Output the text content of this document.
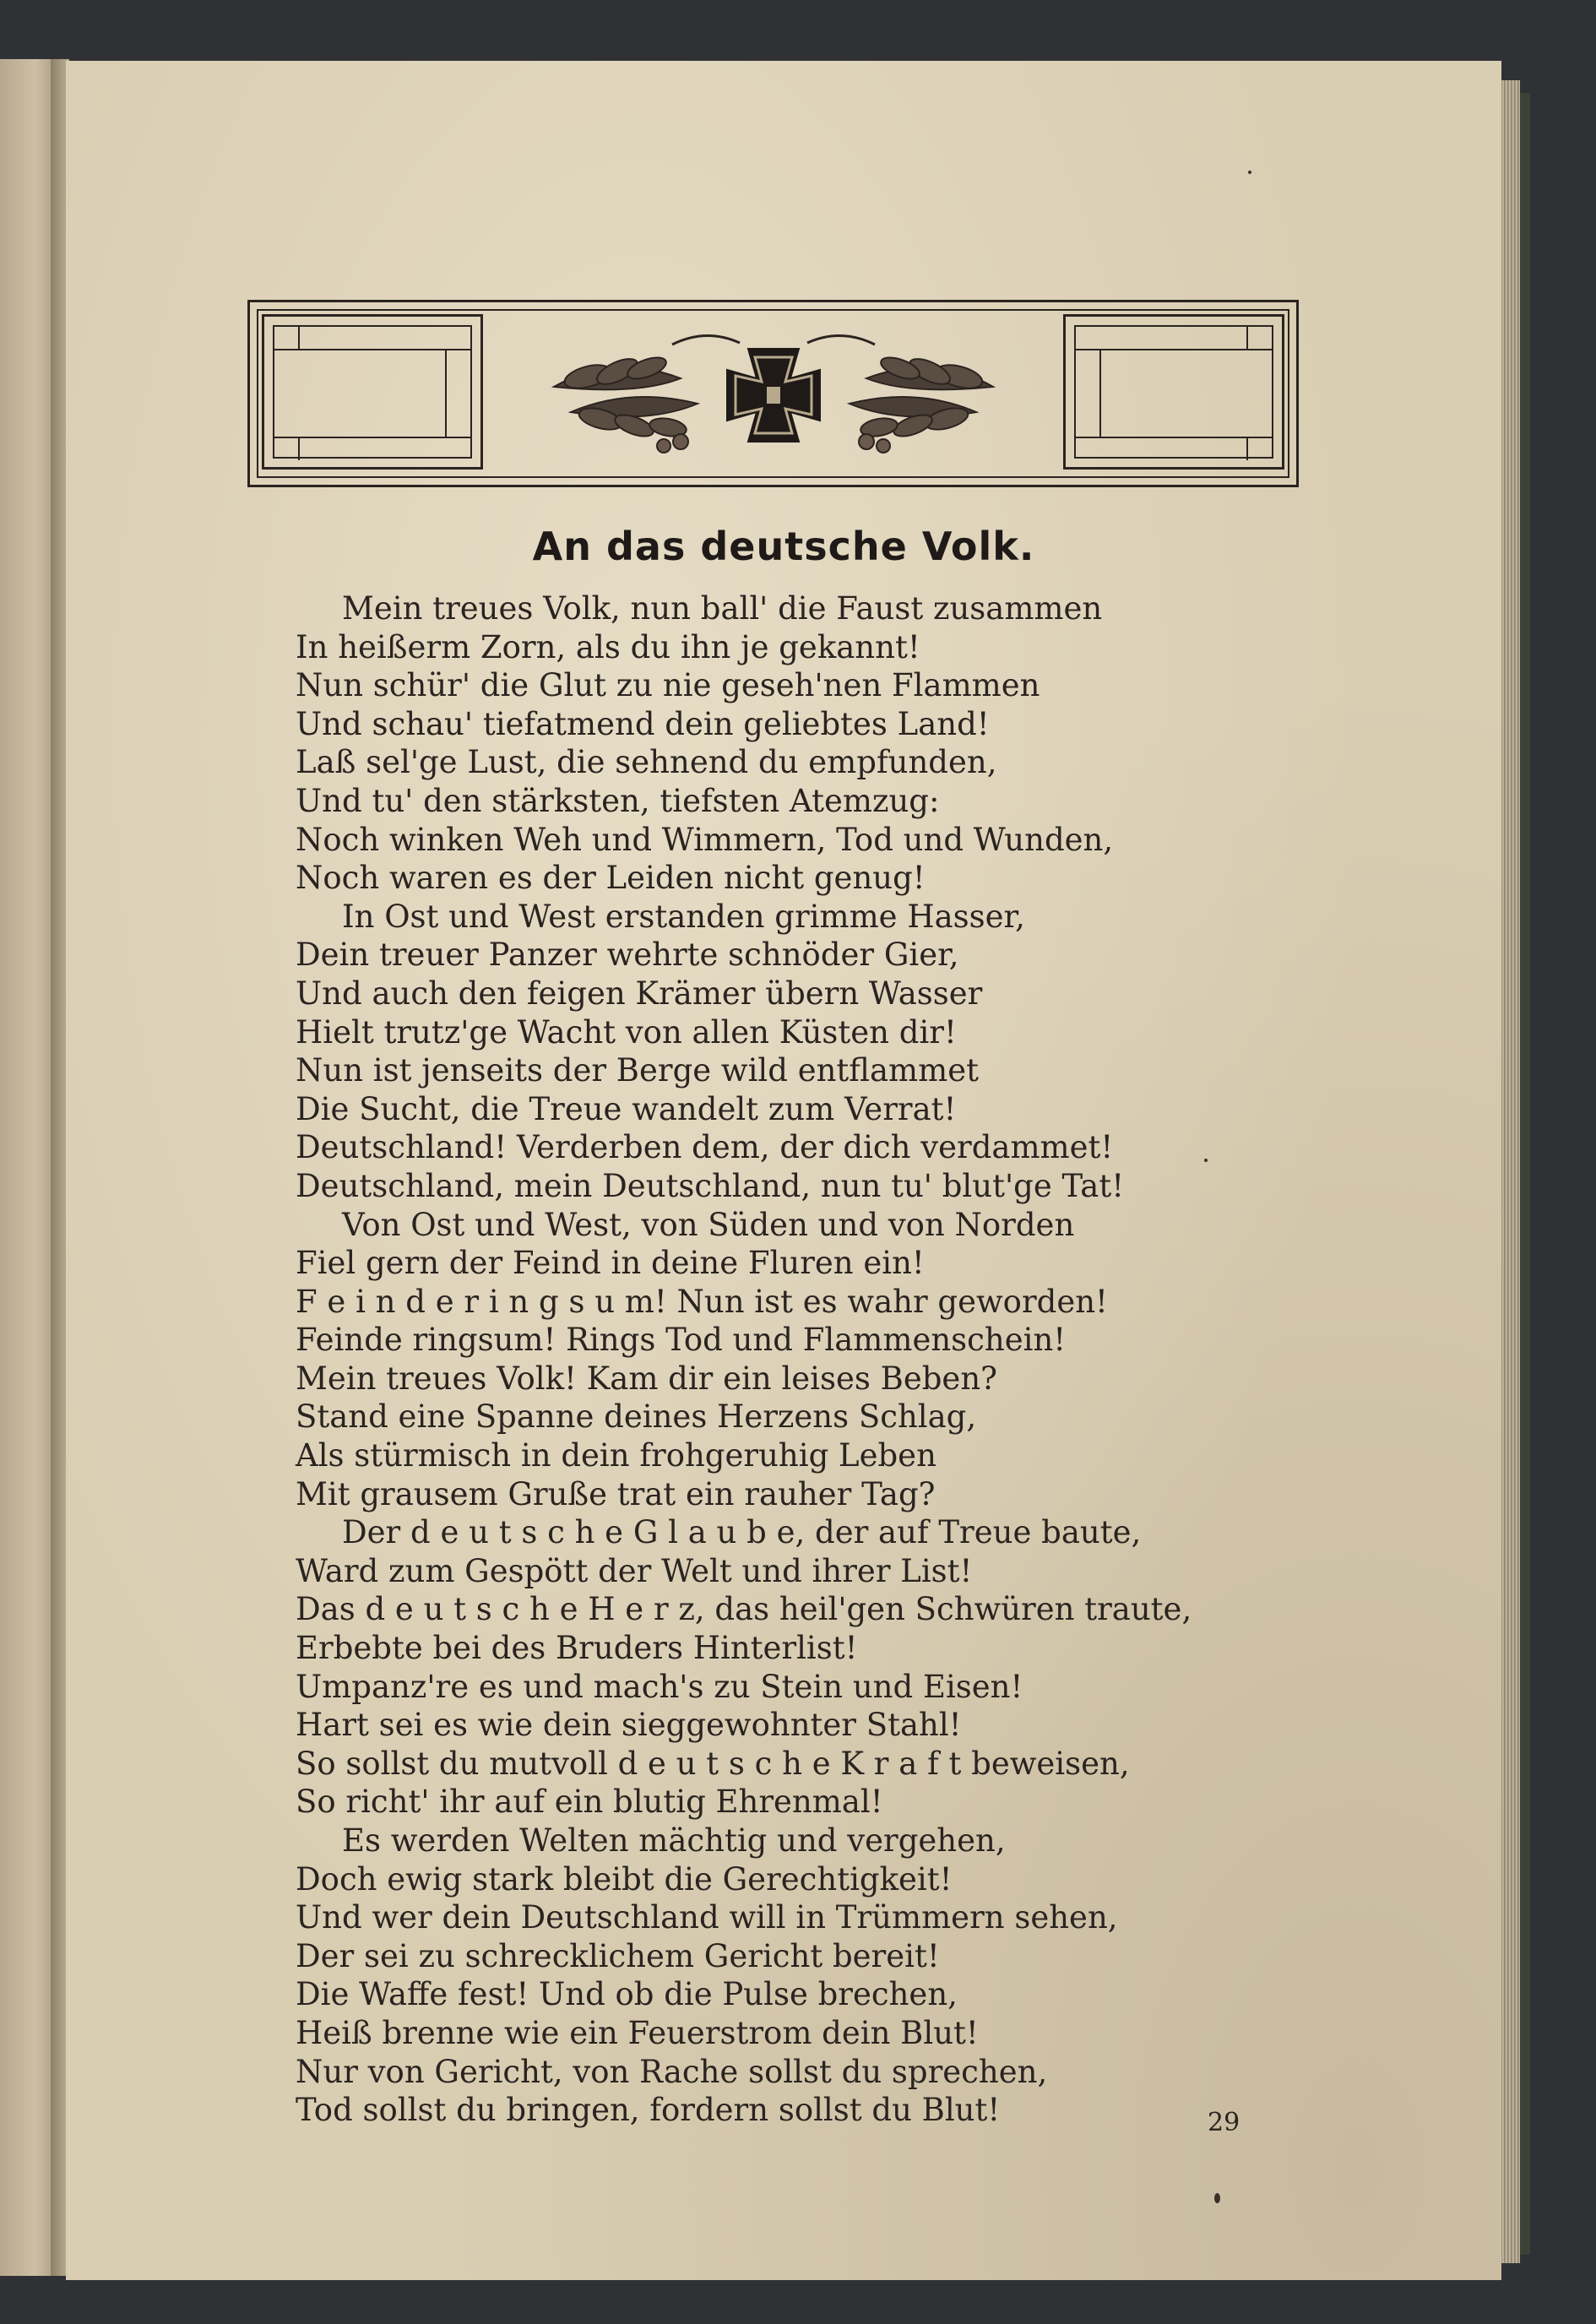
An das deutsche Volk.
Mein treues Volk, nun ball' die Faust zusammen
In heißerm Zorn, als du ihn je gekannt!
Nun schür' die Glut zu nie geseh'nen Flammen
Und schau' tiefatmend dein geliebtes Land!
Laß sel'ge Lust, die sehnend du empfunden,
Und tu' den stärksten, tiefsten Atemzug:
Noch winken Weh und Wimmern, Tod und Wunden,
Noch waren es der Leiden nicht genug!
In Ost und West erstanden grimme Hasser,
Dein treuer Panzer wehrte schnöder Gier,
Und auch den feigen Krämer übern Wasser
Hielt trutz'ge Wacht von allen Küsten dir!
Nun ist jenseits der Berge wild entflammet
Die Sucht, die Treue wandelt zum Verrat!
Deutschland! Verderben dem, der dich verdammet!
Deutschland, mein Deutschland, nun tu' blut'ge Tat!
Von Ost und West, von Süden und von Norden
Fiel gern der Feind in deine Fluren ein!
F e i n d e r i n g s u m! Nun ist es wahr geworden!
Feinde ringsum! Rings Tod und Flammenschein!
Mein treues Volk! Kam dir ein leises Beben?
Stand eine Spanne deines Herzens Schlag,
Als stürmisch in dein frohgeruhig Leben
Mit grausem Gruße trat ein rauher Tag?
Der d e u t s c h e G l a u b e, der auf Treue baute,
Ward zum Gespött der Welt und ihrer List!
Das d e u t s c h e H e r z, das heil'gen Schwüren traute,
Erbebte bei des Bruders Hinterlist!
Umpanz're es und mach's zu Stein und Eisen!
Hart sei es wie dein sieggewohnter Stahl!
So sollst du mutvoll d e u t s c h e K r a f t beweisen,
So richt' ihr auf ein blutig Ehrenmal!
Es werden Welten mächtig und vergehen,
Doch ewig stark bleibt die Gerechtigkeit!
Und wer dein Deutschland will in Trümmern sehen,
Der sei zu schrecklichem Gericht bereit!
Die Waffe fest! Und ob die Pulse brechen,
Heiß brenne wie ein Feuerstrom dein Blut!
Nur von Gericht, von Rache sollst du sprechen,
Tod sollst du bringen, fordern sollst du Blut!	29
